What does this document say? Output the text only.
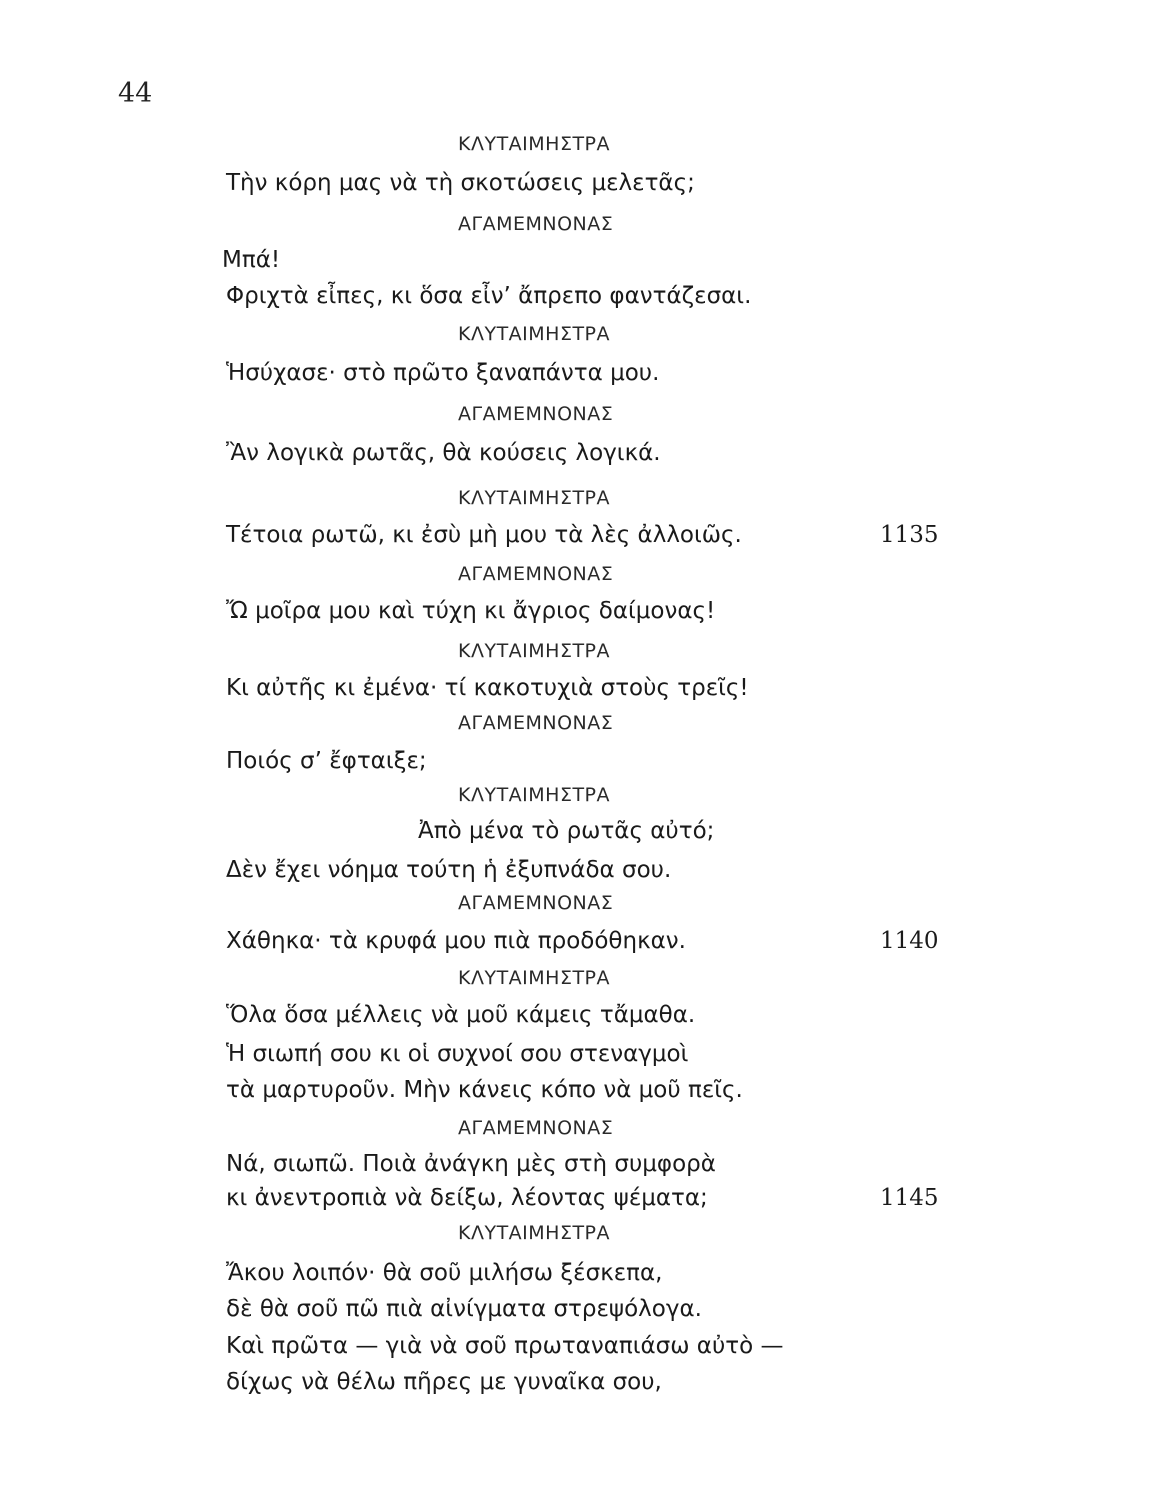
44
ΚΛΥΤΑΙΜΗΣΤΡΑ
Τὴν κόρη μας νὰ τὴ σκοτώσεις μελετᾶς;
ΑΓΑΜΕΜΝΟΝΑΣ
Μπά!
Φριχτὰ εἶπες, κι ὅσα εἶν’ ἄπρεπο φαντάζεσαι.
ΚΛΥΤΑΙΜΗΣΤΡΑ
Ἡσύχασε· στὸ πρῶτο ξαναπάντα μου.
ΑΓΑΜΕΜΝΟΝΑΣ
Ἂν λογικὰ ρωτᾶς, θὰ κούσεις λογικά.
ΚΛΥΤΑΙΜΗΣΤΡΑ
Τέτοια ρωτῶ, κι ἐσὺ μὴ μου τὰ λὲς ἀλλοιῶς.	1135
ΑΓΑΜΕΜΝΟΝΑΣ
Ὤ μοῖρα μου καὶ τύχη κι ἄγριος δαίμονας!
ΚΛΥΤΑΙΜΗΣΤΡΑ
Κι αὐτῆς κι ἐμένα· τί κακοτυχιὰ στοὺς τρεῖς!
ΑΓΑΜΕΜΝΟΝΑΣ
Ποιός σ’ ἔφταιξε;
ΚΛΥΤΑΙΜΗΣΤΡΑ
Ἀπὸ μένα τὸ ρωτᾶς αὐτό;
Δὲν ἔχει νόημα τούτη ἡ ἐξυπνάδα σου.
ΑΓΑΜΕΜΝΟΝΑΣ
Χάθηκα· τὰ κρυφά μου πιὰ προδόθηκαν.	1140
ΚΛΥΤΑΙΜΗΣΤΡΑ
Ὅλα ὅσα μέλλεις νὰ μοῦ κάμεις τἄμαθα.
Ἡ σιωπή σου κι οἱ συχνοί σου στεναγμοὶ
τὰ μαρτυροῦν. Μὴν κάνεις κόπο νὰ μοῦ πεῖς.
ΑΓΑΜΕΜΝΟΝΑΣ
Νά, σιωπῶ. Ποιὰ ἀνάγκη μὲς στὴ συμφορὰ
κι ἀνεντροπιὰ νὰ δείξω, λέοντας ψέματα;	1145
ΚΛΥΤΑΙΜΗΣΤΡΑ
Ἄκου λοιπόν· θὰ σοῦ μιλήσω ξέσκεπα,
δὲ θὰ σοῦ πῶ πιὰ αἰνίγματα στρεψόλογα.
Καὶ πρῶτα — γιὰ νὰ σοῦ πρωταναπιάσω αὐτὸ —
δίχως νὰ θέλω πῆρες με γυναῖκα σου,
